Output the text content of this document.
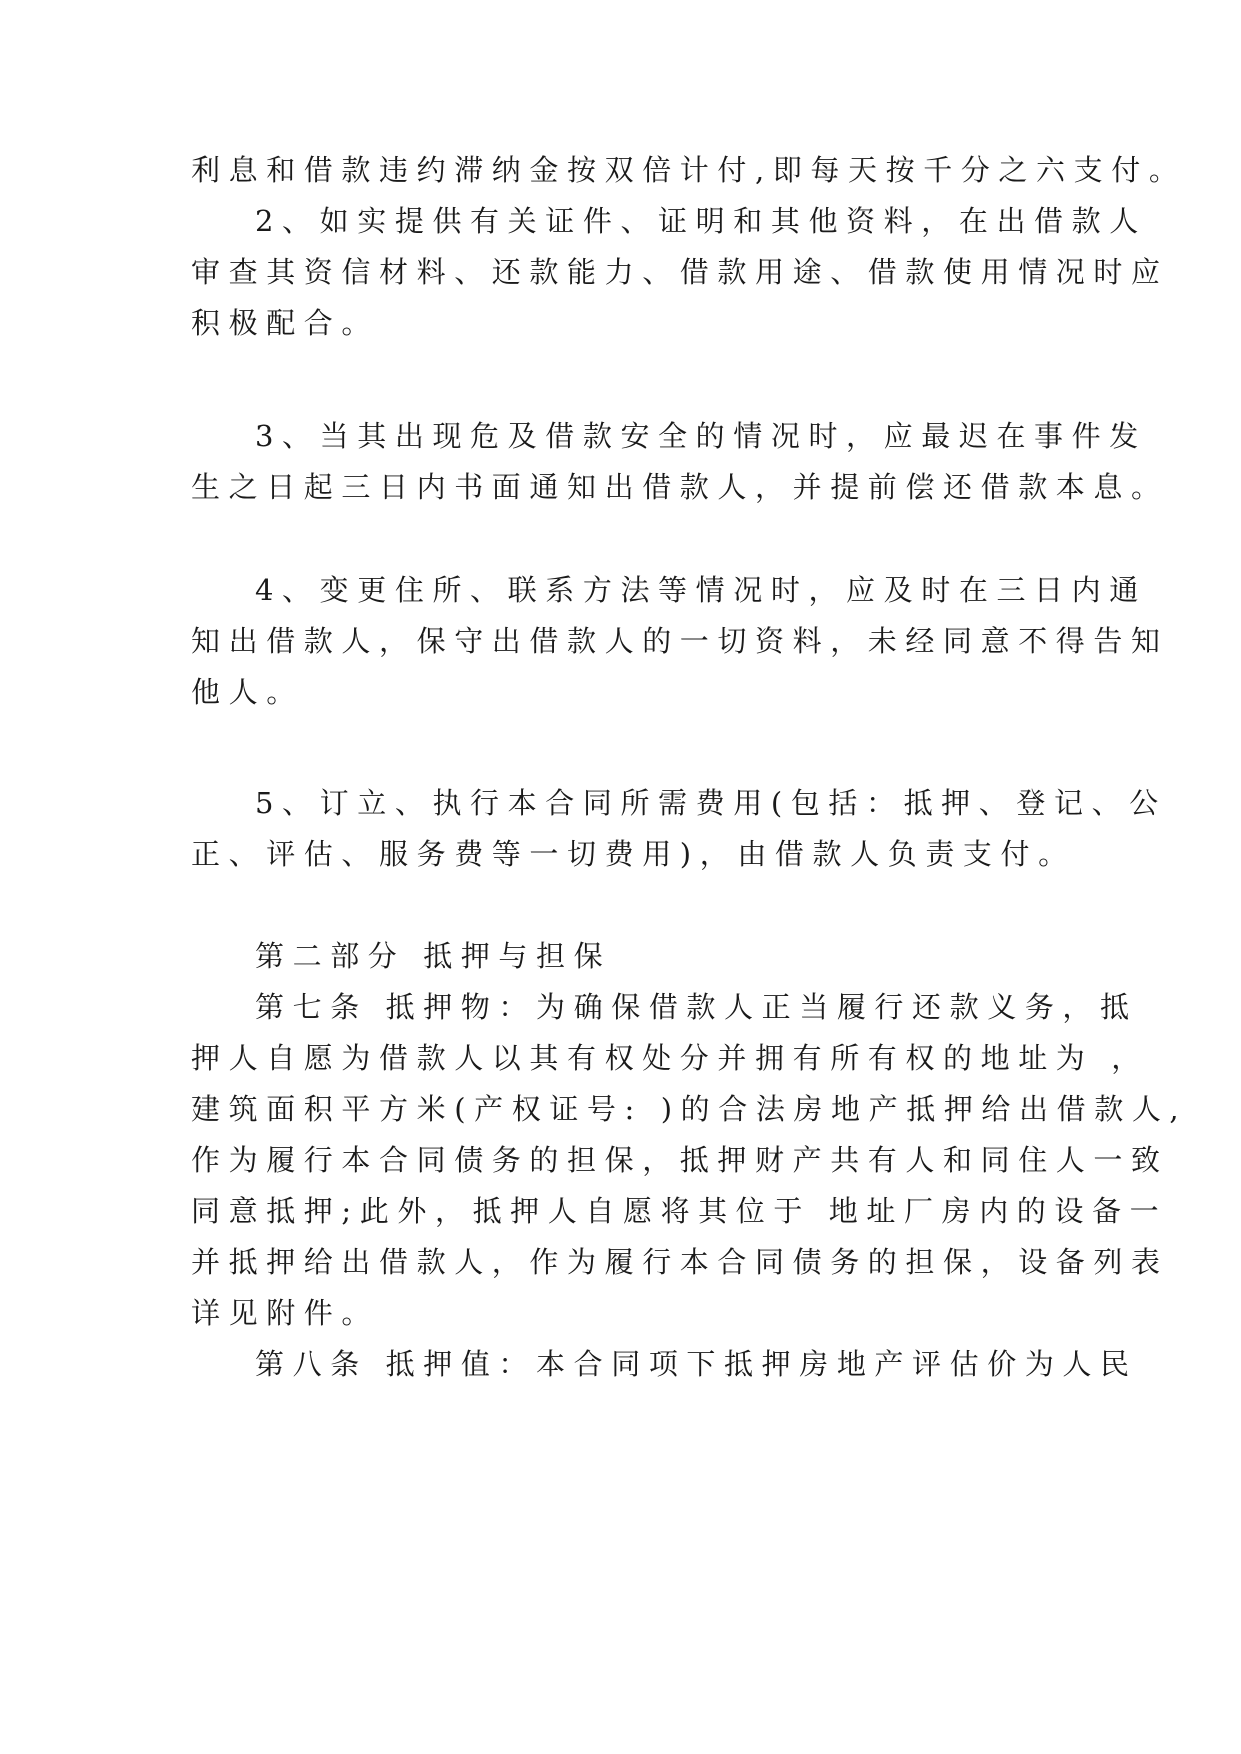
利息和借款违约滞纳金按双倍计付,即每天按千分之六支付。
2、如实提供有关证件、证明和其他资料，在出借款人
审查其资信材料、还款能力、借款用途、借款使用情况时应
积极配合。
3、当其出现危及借款安全的情况时，应最迟在事件发
生之日起三日内书面通知出借款人，并提前偿还借款本息。
4、变更住所、联系方法等情况时，应及时在三日内通
知出借款人，保守出借款人的一切资料，未经同意不得告知
他人。
5、订立、执行本合同所需费用(包括：抵押、登记、公
正、评估、服务费等一切费用)，由借款人负责支付。
第二部分 抵押与担保
第七条 抵押物：为确保借款人正当履行还款义务，抵
押人自愿为借款人以其有权处分并拥有所有权的地址为 ，
建筑面积平方米(产权证号: )的合法房地产抵押给出借款人,
作为履行本合同债务的担保，抵押财产共有人和同住人一致
同意抵押;此外，抵押人自愿将其位于 地址厂房内的设备一
并抵押给出借款人，作为履行本合同债务的担保，设备列表
详见附件。
第八条 抵押值：本合同项下抵押房地产评估价为人民
